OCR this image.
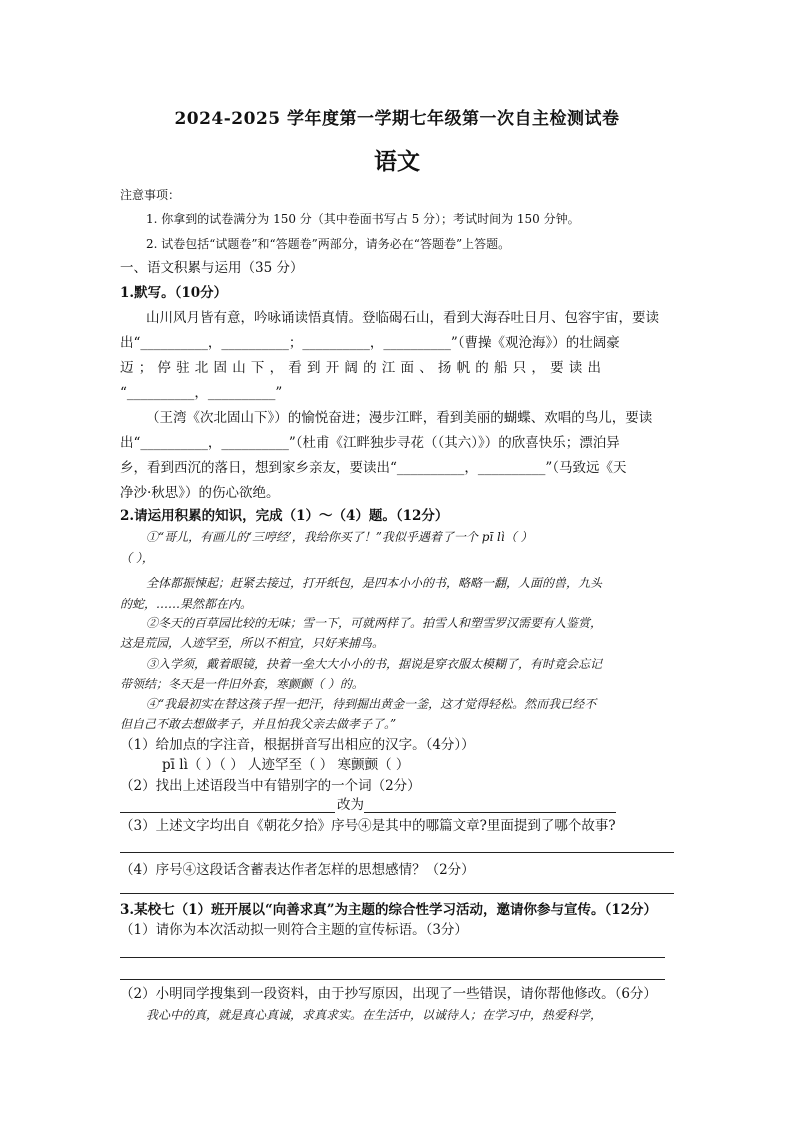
2024-2025 学年度第一学期七年级第一次自主检测试卷
语文
注意事项：
1. 你拿到的试卷满分为 150 分（其中卷面书写占 5 分）；考试时间为 150 分钟。
2. 试卷包括“试题卷”和“答题卷”两部分，请务必在“答题卷”上答题。
一、语文积累与运用（35 分）
1.默写。（10分）
山川风月皆有意，吟咏诵读悟真情。登临碣石山，看到大海吞吐日月、包容宇宙，要读
出“__________，__________；__________，__________”（曹操《观沧海》）的壮阔豪
迈；停驻北固山下，看到开阔的江面、扬帆的船只，要读出
“__________，__________”
（王湾《次北固山下》）的愉悦奋进；漫步江畔，看到美丽的蝴蝶、欢唱的鸟儿，要读
出“__________，__________”（杜甫《江畔独步寻花（（其六）》）的欣喜快乐；漂泊异
乡，看到西沉的落日，想到家乡亲友，要读出“__________，__________”（马致远《天
净沙·秋思》）的伤心欲绝。
2.请运用积累的知识，完成（1）～（4）题。（12分）
①“哥儿，有画儿的‘三哼经’，我给你买了！”我似乎遇着了一个 pī lì（ ）
（ ），
全体都振悚起；赶紧去接过，打开纸包，是四本小小的书，略略一翻，人面的兽，九头
的蛇，……果然都在内。
②冬天的百草园比较的无味；雪一下，可就两样了。拍雪人和塑雪罗汉需要有人鉴赏，
这是荒园，人迹罕至，所以不相宜，只好来捕鸟。
③入学须，戴着眼镜，抉着一垒大大小小的书，据说是穿衣服太模糊了，有时竟会忘记
带领结；冬天是一件旧外套，寒颤颤（ ）的。
④“我最初实在替这孩子捏一把汗，待到掘出黄金一釜，这才觉得轻松。然而我已经不
但自己不敢去想做孝子，并且怕我父亲去做孝子了。”
（1）给加点的字注音，根据拼音写出相应的汉字。（4分））
pī lì（ ）（ ） 人迹罕至（ ） 寒颤颤（ ）
（2）找出上述语段当中有错别字的一个词（2分）
改为
（3）上述文字均出自《朝花夕拾》序号④是其中的哪篇文章?里面提到了哪个故事?
（4）序号④这段话含蓄表达作者怎样的思想感情？（2分）
3.某校七（1）班开展以“向善求真”为主题的综合性学习活动，邀请你参与宣传。（12分）
（1）请你为本次活动拟一则符合主题的宣传标语。（3分）
（2）小明同学搜集到一段资料，由于抄写原因，出现了一些错误，请你帮他修改。（6分）
我心中的真，就是真心真诚，求真求实。在生活中，以诚待人；在学习中，热爱科学，
